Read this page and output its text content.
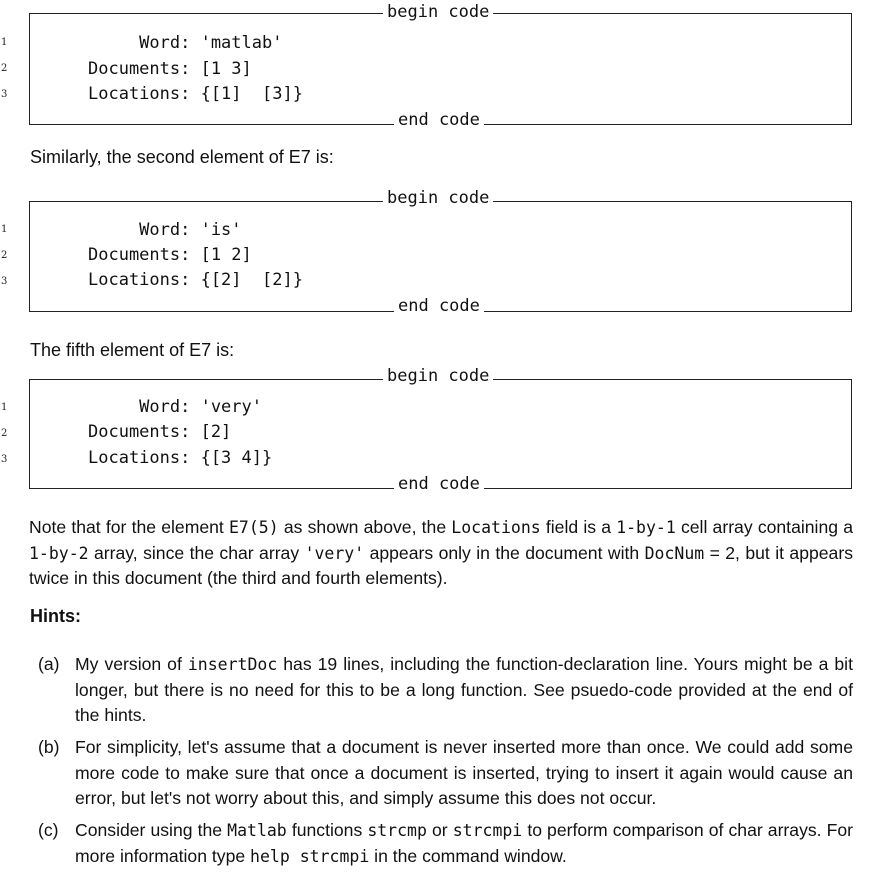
begin code
1
2
3
Word: 'matlab'
Documents: [1 3]
Locations: {[1]  [3]}
end code

Similarly, the second element of E7 is:

begin code
1
2
3
Word: 'is'
Documents: [1 2]
Locations: {[2]  [2]}
end code

The fifth element of E7 is:

begin code
1
2
3
Word: 'very'
Documents: [2]
Locations: {[3 4]}
end code
Note that for the element E7(5) as shown above, the Locations field is a 1-by-1 cell array containing a 1-by-2 array, since the char array 'very' appears only in the document with DocNum = 2, but it appears twice in this document (the third and fourth elements).
Hints:
(a) My version of insertDoc has 19 lines, including the function-declaration line. Yours might be a bit longer, but there is no need for this to be a long function. See psuedo-code provided at the end of the hints.
(b) For simplicity, let's assume that a document is never inserted more than once. We could add some more code to make sure that once a document is inserted, trying to insert it again would cause an error, but let's not worry about this, and simply assume this does not occur.
(c) Consider using the Matlab functions strcmp or strcmpi to perform comparison of char arrays. For more information type help strcmpi in the command window.
